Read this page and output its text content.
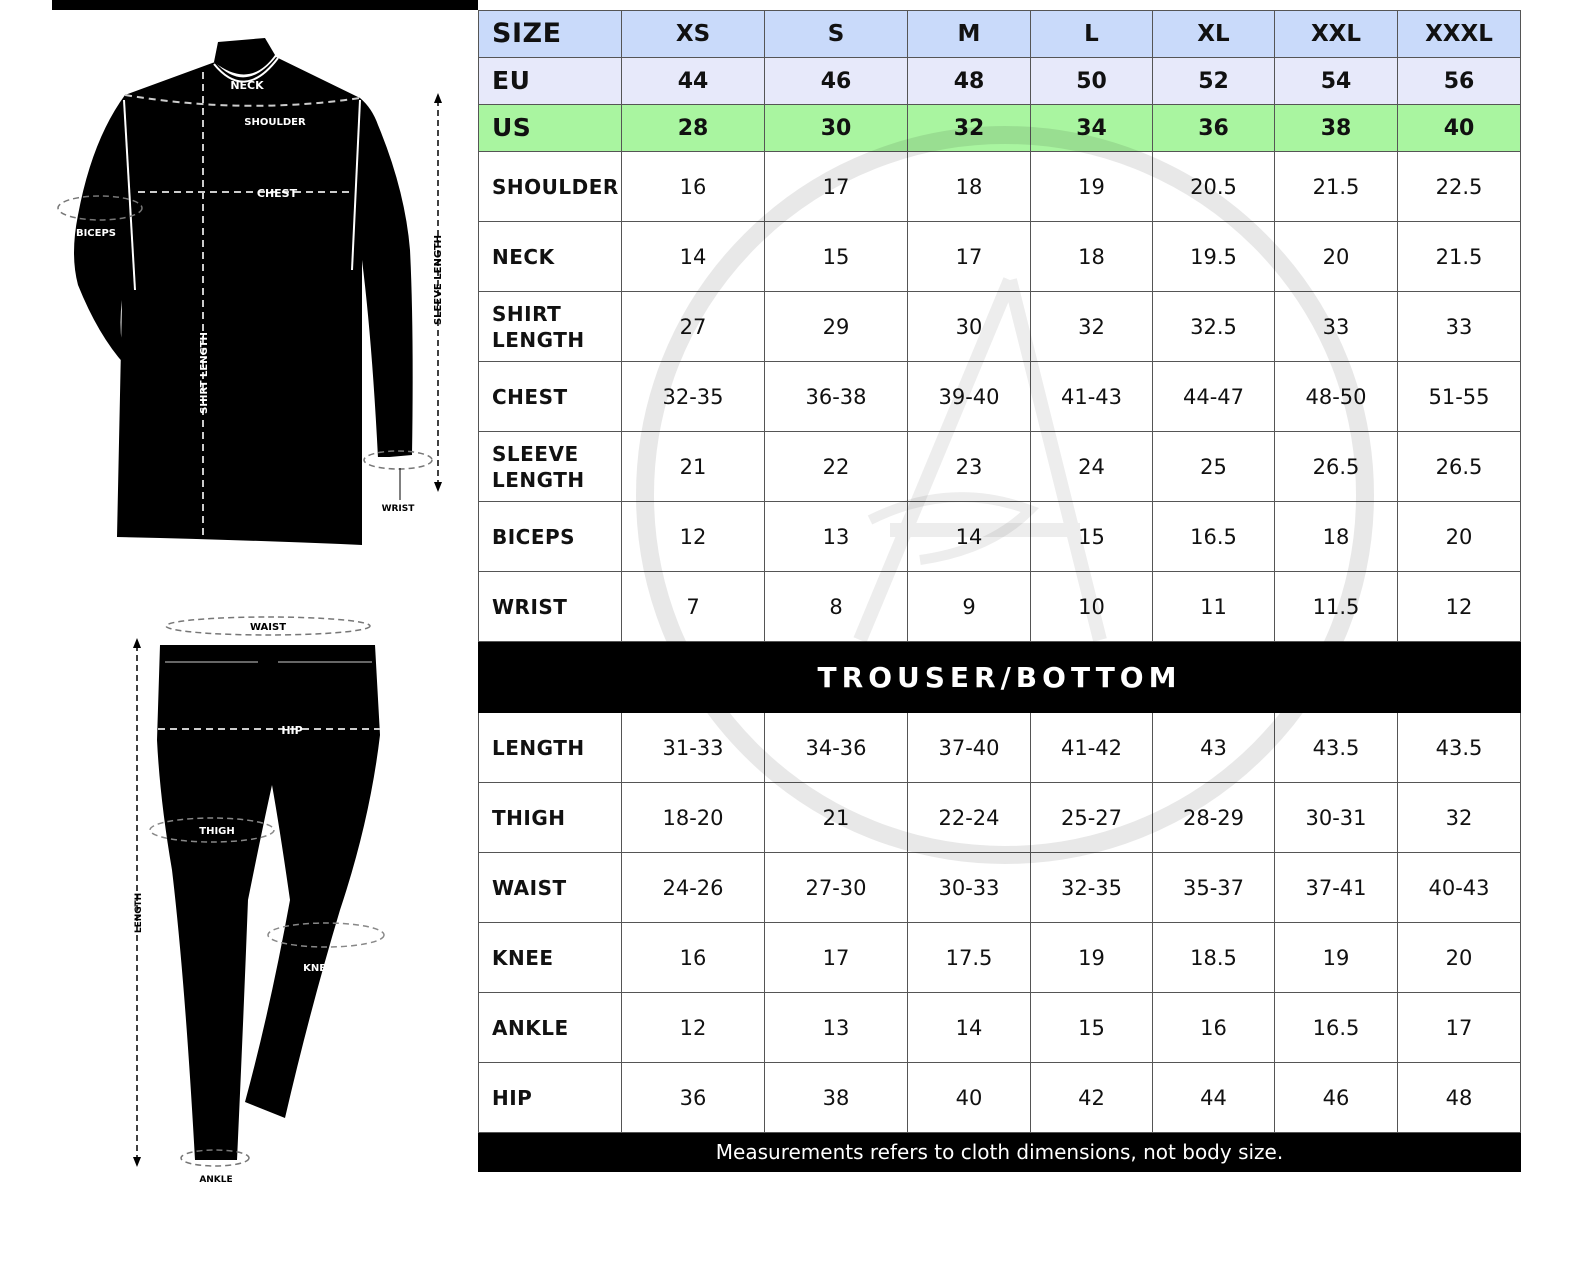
NECK
SHOULDER
CHEST
BICEPS
SHIRT LENGTH
SLEEVE LENGTH
WRIST
WAIST
HIP
THIGH
KNEE
ANKLE
LENGTH
SIZE	XS	S	M	L	XL	XXL	XXXL
EU	44	46	48	50	52	54	56
US	28	30	32	34	36	38	40
SHOULDER	16	17	18	19	20.5	21.5	22.5
NECK	14	15	17	18	19.5	20	21.5
SHIRT LENGTH	27	29	30	32	32.5	33	33
CHEST	32-35	36-38	39-40	41-43	44-47	48-50	51-55
SLEEVE LENGTH	21	22	23	24	25	26.5	26.5
BICEPS	12	13	14	15	16.5	18	20
WRIST	7	8	9	10	11	11.5	12
TROUSER/BOTTOM							
LENGTH	31-33	34-36	37-40	41-42	43	43.5	43.5
THIGH	18-20	21	22-24	25-27	28-29	30-31	32
WAIST	24-26	27-30	30-33	32-35	35-37	37-41	40-43
KNEE	16	17	17.5	19	18.5	19	20
ANKLE	12	13	14	15	16	16.5	17
HIP	36	38	40	42	44	46	48
Measurements refers to cloth dimensions, not body size.							
